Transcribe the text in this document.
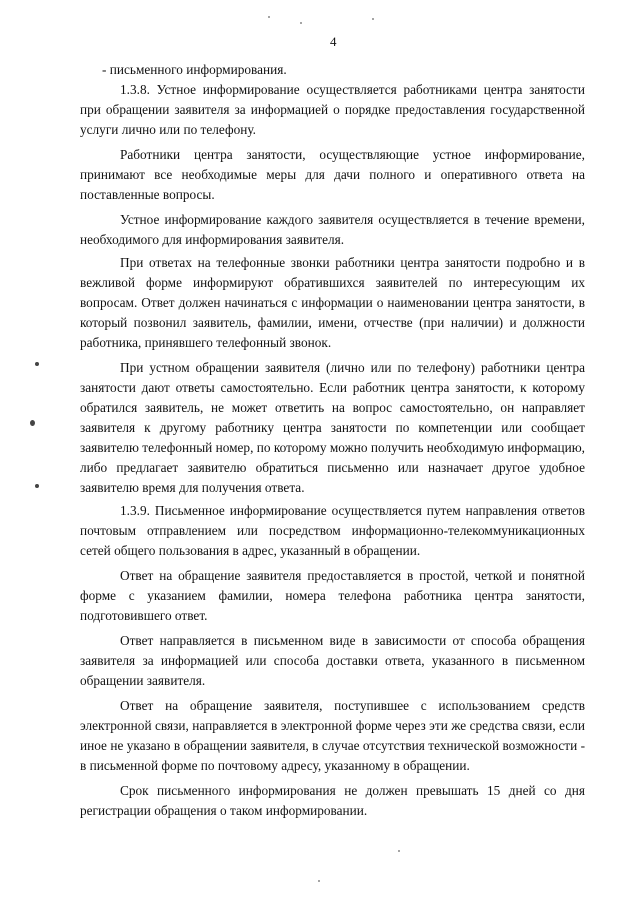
4

- письменного информирования.

1.3.8. Устное информирование осуществляется работниками центра занятости при обращении заявителя за информацией о порядке предоставления государственной услуги лично или по телефону.

Работники центра занятости, осуществляющие устное информирование, принимают все необходимые меры для дачи полного и оперативного ответа на поставленные вопросы.

Устное информирование каждого заявителя осуществляется в течение времени, необходимого для информирования заявителя.

При ответах на телефонные звонки работники центра занятости подробно и в вежливой форме информируют обратившихся заявителей по интересующим их вопросам. Ответ должен начинаться с информации о наименовании центра занятости, в который позвонил заявитель, фамилии, имени, отчестве (при наличии) и должности работника, принявшего телефонный звонок.

При устном обращении заявителя (лично или по телефону) работники центра занятости дают ответы самостоятельно. Если работник центра занятости, к которому обратился заявитель, не может ответить на вопрос самостоятельно, он направляет заявителя к другому работнику центра занятости по компетенции или сообщает заявителю телефонный номер, по которому можно получить необходимую информацию, либо предлагает заявителю обратиться письменно или назначает другое удобное заявителю время для получения ответа.

1.3.9. Письменное информирование осуществляется путем направления ответов почтовым отправлением или посредством информационно-телекоммуникационных сетей общего пользования в адрес, указанный в обращении.

Ответ на обращение заявителя предоставляется в простой, четкой и понятной форме с указанием фамилии, номера телефона работника центра занятости, подготовившего ответ.

Ответ направляется в письменном виде в зависимости от способа обращения заявителя за информацией или способа доставки ответа, указанного в письменном обращении заявителя.

Ответ на обращение заявителя, поступившее с использованием средств электронной связи, направляется в электронной форме через эти же средства связи, если иное не указано в обращении заявителя, в случае отсутствия технической возможности - в письменной форме по почтовому адресу, указанному в обращении.

Срок письменного информирования не должен превышать 15 дней со дня регистрации обращения о таком информировании.
